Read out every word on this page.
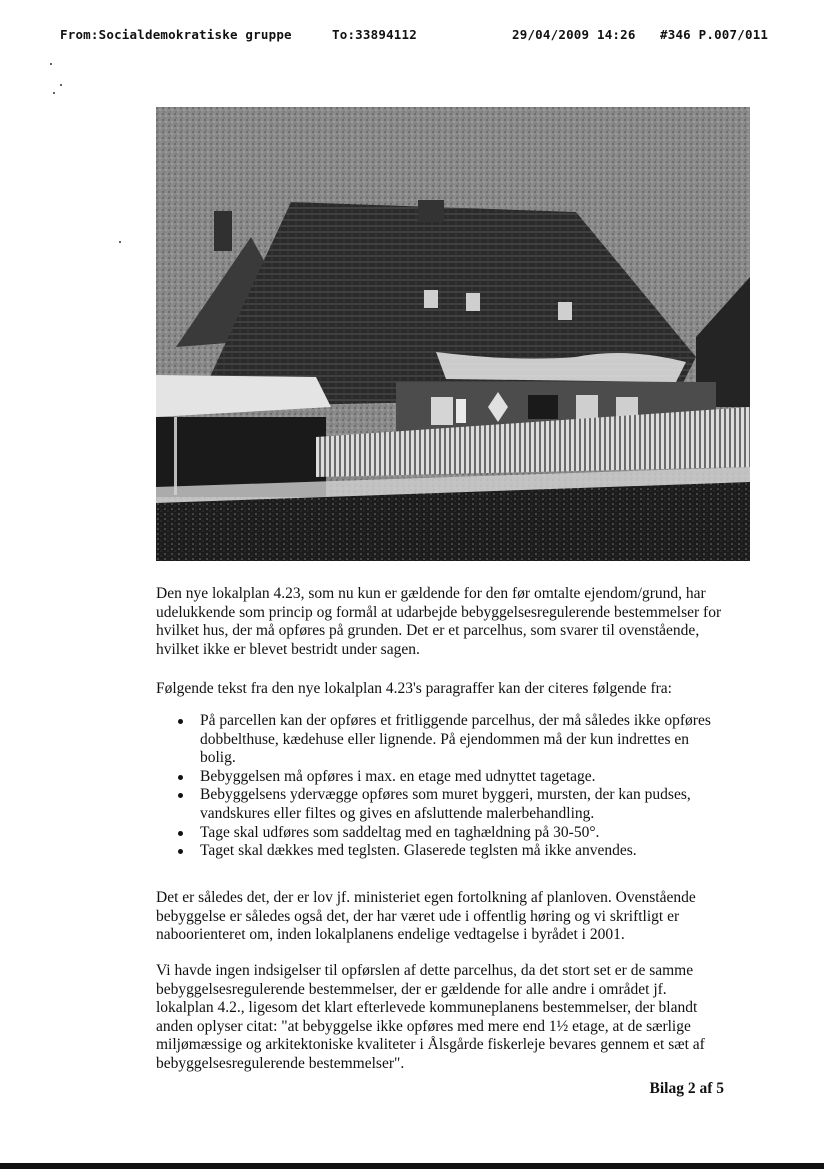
From:Socialdemokratiske gruppe	To:33894112	29/04/2009 14:26 #346 P.007/011
Den nye lokalplan 4.23, som nu kun er gældende for den før omtalte ejendom/grund, har udelukkende som princip og formål at udarbejde bebyggelsesregulerende bestemmelser for hvilket hus, der må opføres på grunden. Det er et parcelhus, som svarer til ovenstående, hvilket ikke er blevet bestridt under sagen.
Følgende tekst fra den nye lokalplan 4.23's paragraffer kan der citeres følgende fra:
På parcellen kan der opføres et fritliggende parcelhus, der må således ikke opføres dobbelthuse, kædehuse eller lignende. På ejendommen må der kun indrettes en bolig.
Bebyggelsen må opføres i max. en etage med udnyttet tagetage.
Bebyggelsens ydervægge opføres som muret byggeri, mursten, der kan pudses, vandskures eller filtes og gives en afsluttende malerbehandling.
Tage skal udføres som saddeltag med en taghældning på 30-50°.
Taget skal dækkes med teglsten. Glaserede teglsten må ikke anvendes.
Det er således det, der er lov jf. ministeriet egen fortolkning af planloven. Ovenstående bebyggelse er således også det, der har været ude i offentlig høring og vi skriftligt er naboorienteret om, inden lokalplanens endelige vedtagelse i byrådet i 2001.
Vi havde ingen indsigelser til opførslen af dette parcelhus, da det stort set er de samme bebyggelsesregulerende bestemmelser, der er gældende for alle andre i området jf. lokalplan 4.2., ligesom det klart efterlevede kommuneplanens bestemmelser, der blandt anden oplyser citat: "at bebyggelse ikke opføres med mere end 1½ etage, at de særlige miljømæssige og arkitektoniske kvaliteter i Ålsgårde fiskerleje bevares gennem et sæt af bebyggelsesregulerende bestemmelser".
Bilag 2 af 5
